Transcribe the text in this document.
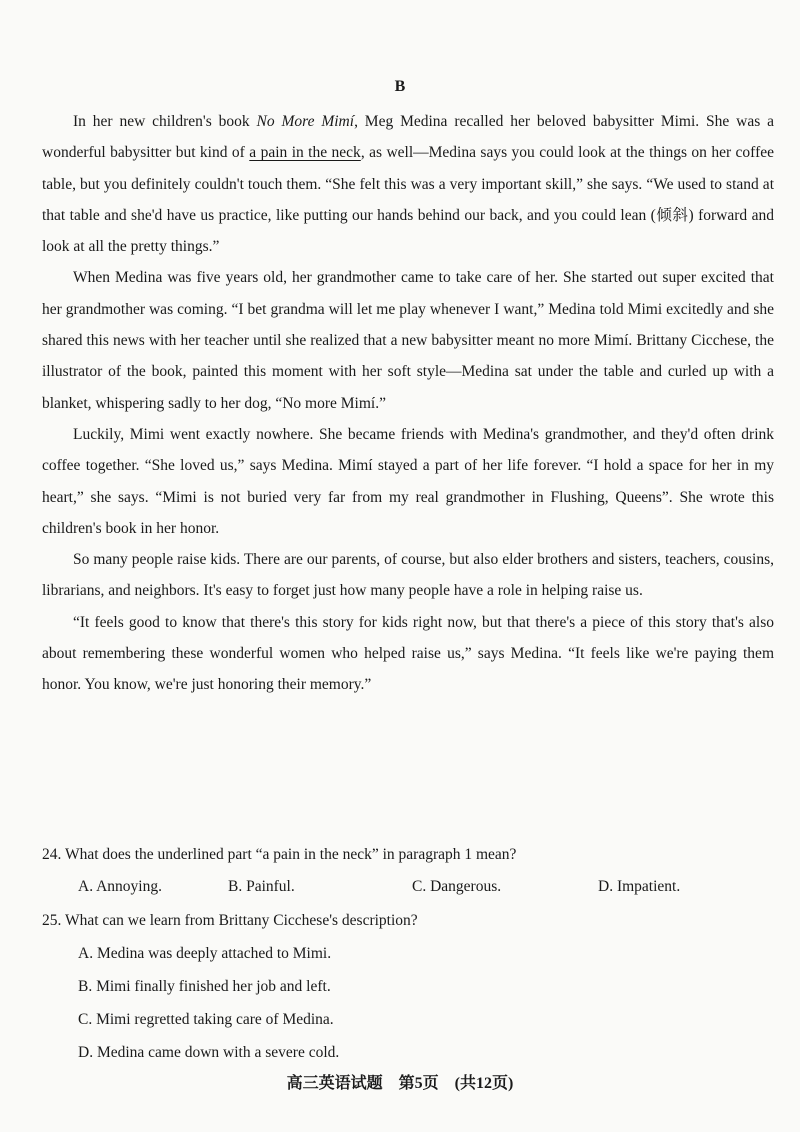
B

In her new children's book No More Mimí, Meg Medina recalled her beloved babysitter Mimi. She was a wonderful babysitter but kind of a pain in the neck, as well—Medina says you could look at the things on her coffee table, but you definitely couldn't touch them. “She felt this was a very important skill,” she says. “We used to stand at that table and she'd have us practice, like putting our hands behind our back, and you could lean (倾斜) forward and look at all the pretty things.”

When Medina was five years old, her grandmother came to take care of her. She started out super excited that her grandmother was coming. “I bet grandma will let me play whenever I want,” Medina told Mimi excitedly and she shared this news with her teacher until she realized that a new babysitter meant no more Mimí. Brittany Cicchese, the illustrator of the book, painted this moment with her soft style—Medina sat under the table and curled up with a blanket, whispering sadly to her dog, “No more Mimí.”

Luckily, Mimi went exactly nowhere. She became friends with Medina's grandmother, and they'd often drink coffee together. “She loved us,” says Medina. Mimí stayed a part of her life forever. “I hold a space for her in my heart,” she says. “Mimi is not buried very far from my real grandmother in Flushing, Queens”. She wrote this children's book in her honor.

So many people raise kids. There are our parents, of course, but also elder brothers and sisters, teachers, cousins, librarians, and neighbors. It's easy to forget just how many people have a role in helping raise us.

“It feels good to know that there's this story for kids right now, but that there's a piece of this story that's also about remembering these wonderful women who helped raise us,” says Medina. “It feels like we're paying them honor. You know, we're just honoring their memory.”

24. What does the underlined part “a pain in the neck” in paragraph 1 mean?
A. Annoying.	B. Painful.	C. Dangerous.	D. Impatient.
25. What can we learn from Brittany Cicchese's description?
A. Medina was deeply attached to Mimi.
B. Mimi finally finished her job and left.
C. Mimi regretted taking care of Medina.
D. Medina came down with a severe cold.
高三英语试题　第5页　(共12页)
